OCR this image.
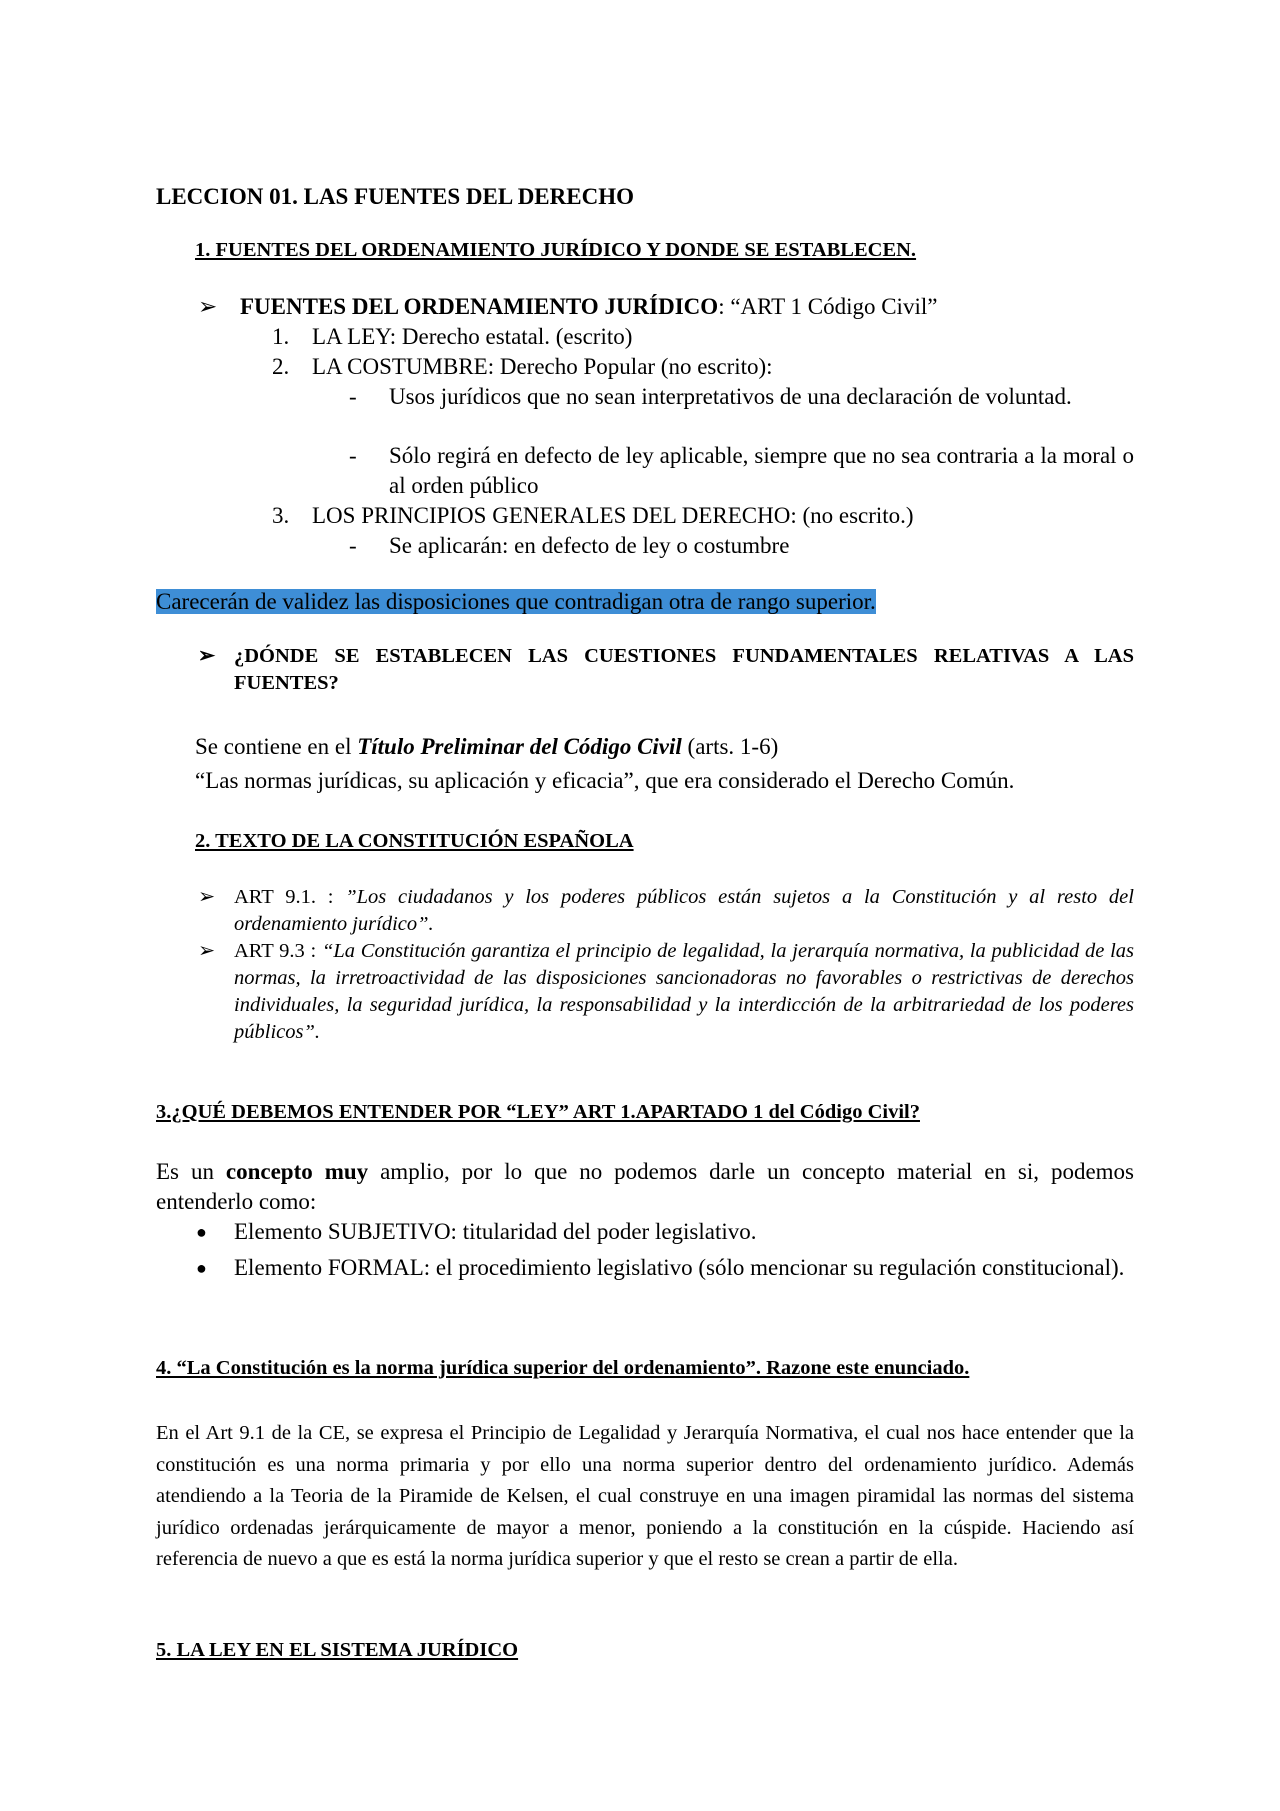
LECCION 01. LAS FUENTES DEL DERECHO
1. FUENTES DEL ORDENAMIENTO JURÍDICO Y DONDE SE ESTABLECEN.
➢ FUENTES DEL ORDENAMIENTO JURÍDICO: “ART 1 Código Civil”
1. LA LEY: Derecho estatal. (escrito)
2. LA COSTUMBRE: Derecho Popular (no escrito):
-	Usos jurídicos que no sean interpretativos de una declaración de voluntad.
-	Sólo regirá en defecto de ley aplicable, siempre que no sea contraria a la moral o al orden público
3. LOS PRINCIPIOS GENERALES DEL DERECHO: (no escrito.)
-	Se aplicarán: en defecto de ley o costumbre
Carecerán de validez las disposiciones que contradigan otra de rango superior.
➢ ¿DÓNDE SE ESTABLECEN LAS CUESTIONES FUNDAMENTALES RELATIVAS A LAS FUENTES?
Se contiene en el Título Preliminar del Código Civil (arts. 1-6)
“Las normas jurídicas, su aplicación y eficacia”, que era considerado el Derecho Común.
2. TEXTO DE LA CONSTITUCIÓN ESPAÑOLA
➢ ART 9.1. : ”Los ciudadanos y los poderes públicos están sujetos a la Constitución y al resto del ordenamiento jurídico”.
➢ ART 9.3 : “La Constitución garantiza el principio de legalidad, la jerarquía normativa, la publicidad de las normas, la irretroactividad de las disposiciones sancionadoras no favorables o restrictivas de derechos individuales, la seguridad jurídica, la responsabilidad y la interdicción de la arbitrariedad de los poderes públicos”.
3.¿QUÉ DEBEMOS ENTENDER POR “LEY” ART 1.APARTADO 1 del Código Civil?
Es un concepto muy amplio, por lo que no podemos darle un concepto material en si, podemos entenderlo como:
●	Elemento SUBJETIVO: titularidad del poder legislativo.
●	Elemento FORMAL: el procedimiento legislativo (sólo mencionar su regulación constitucional).
4. “La Constitución es la norma jurídica superior del ordenamiento”. Razone este enunciado.
En el Art 9.1 de la CE, se expresa el Principio de Legalidad y Jerarquía Normativa, el cual nos hace entender que la constitución es una norma primaria y por ello una norma superior dentro del ordenamiento jurídico. Además atendiendo a la Teoria de la Piramide de Kelsen, el cual construye en una imagen piramidal las normas del sistema jurídico ordenadas jerárquicamente de mayor a menor, poniendo a la constitución en la cúspide. Haciendo así referencia de nuevo a que es está la norma jurídica superior y que el resto se crean a partir de ella.
5. LA LEY EN EL SISTEMA JURÍDICO
